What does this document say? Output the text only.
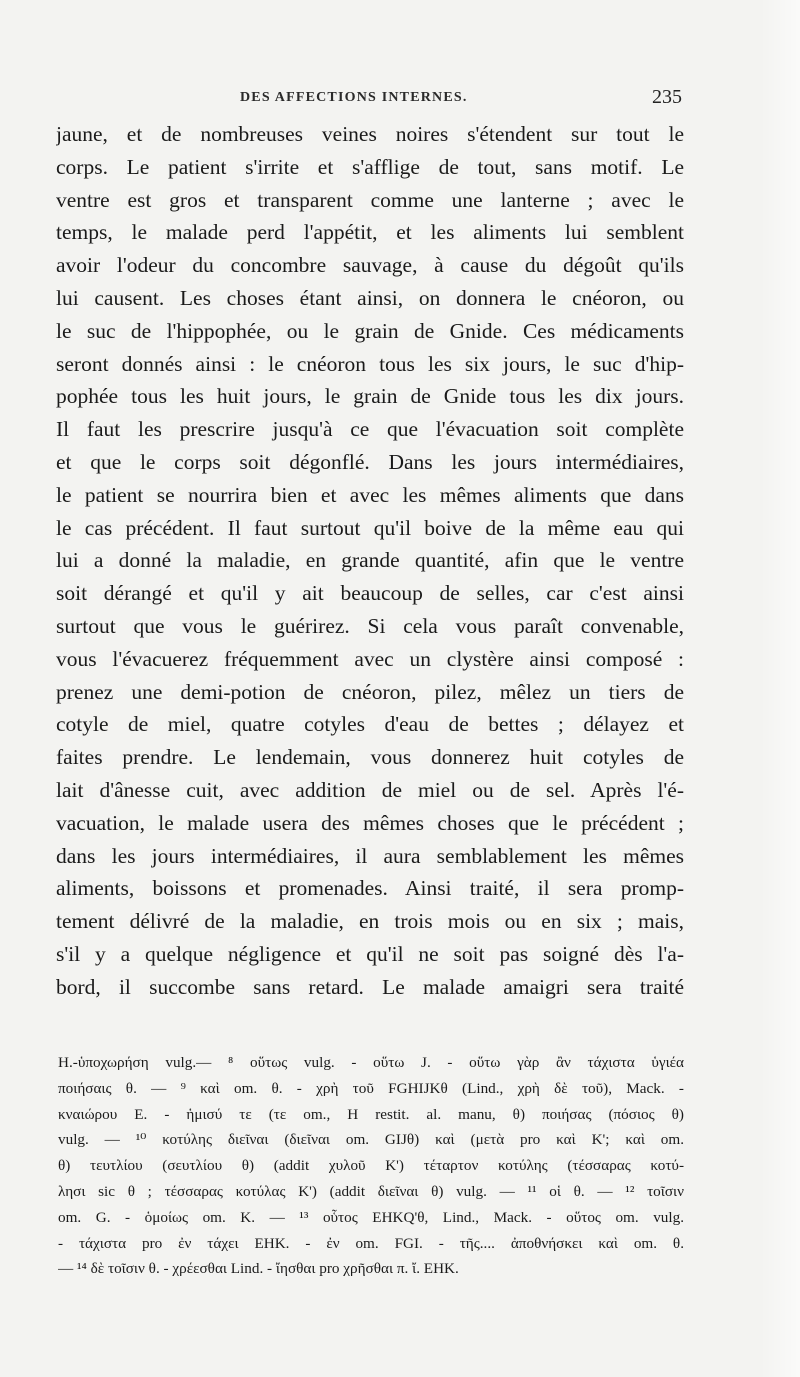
DES AFFECTIONS INTERNES.	235
jaune, et de nombreuses veines noires s'étendent sur tout le
corps. Le patient s'irrite et s'afflige de tout, sans motif. Le
ventre est gros et transparent comme une lanterne ; avec le
temps, le malade perd l'appétit, et les aliments lui semblent
avoir l'odeur du concombre sauvage, à cause du dégoût qu'ils
lui causent. Les choses étant ainsi, on donnera le cnéoron, ou
le suc de l'hippophée, ou le grain de Gnide. Ces médicaments
seront donnés ainsi : le cnéoron tous les six jours, le suc d'hip-
pophée tous les huit jours, le grain de Gnide tous les dix jours.
Il faut les prescrire jusqu'à ce que l'évacuation soit complète
et que le corps soit dégonflé. Dans les jours intermédiaires,
le patient se nourrira bien et avec les mêmes aliments que dans
le cas précédent. Il faut surtout qu'il boive de la même eau qui
lui a donné la maladie, en grande quantité, afin que le ventre
soit dérangé et qu'il y ait beaucoup de selles, car c'est ainsi
surtout que vous le guérirez. Si cela vous paraît convenable,
vous l'évacuerez fréquemment avec un clystère ainsi composé :
prenez une demi-potion de cnéoron, pilez, mêlez un tiers de
cotyle de miel, quatre cotyles d'eau de bettes ; délayez et
faites prendre. Le lendemain, vous donnerez huit cotyles de
lait d'ânesse cuit, avec addition de miel ou de sel. Après l'é-
vacuation, le malade usera des mêmes choses que le précédent ;
dans les jours intermédiaires, il aura semblablement les mêmes
aliments, boissons et promenades. Ainsi traité, il sera promp-
tement délivré de la maladie, en trois mois ou en six ; mais,
s'il y a quelque négligence et qu'il ne soit pas soigné dès l'a-
bord, il succombe sans retard. Le malade amaigri sera traité
H.-ὑποχωρήση vulg.— ⁸ οὕτως vulg. - οὕτω J. - οὕτω γὰρ ἂν τάχιστα ὑγιέα
ποιήσαις θ. — ⁹ καὶ om. θ. - χρὴ τοῦ FGHIJKθ (Lind., χρὴ δὲ τοῦ), Mack. -
κναιώρου E. - ἡμισύ τε (τε om., H restit. al. manu, θ) ποιήσας (πόσιος θ)
vulg. — ¹⁰ κοτύλης διεῖναι (διεῖναι om. GIJθ) καὶ (μετὰ pro καὶ K'; καὶ om.
θ) τευτλίου (σευτλίου θ) (addit χυλοῦ K') τέταρτον κοτύλης (τέσσαρας κοτύ-
λησι sic θ ; τέσσαρας κοτύλας K') (addit διεῖναι θ) vulg. — ¹¹ οἱ θ. — ¹² τοῖσιν
om. G. - ὁμοίως om. K. — ¹³ οὗτος EHKQ'θ, Lind., Mack. - οὕτος om. vulg.
- τάχιστα pro ἐν τάχει EHK. - ἐν om. FGI. - τῆς.... ἀποθνήσκει καὶ om. θ.
— ¹⁴ δὲ τοῖσιν θ. - χρέεσθαι Lind. - ἴησθαι pro χρῆσθαι π. ἴ. EHK.
